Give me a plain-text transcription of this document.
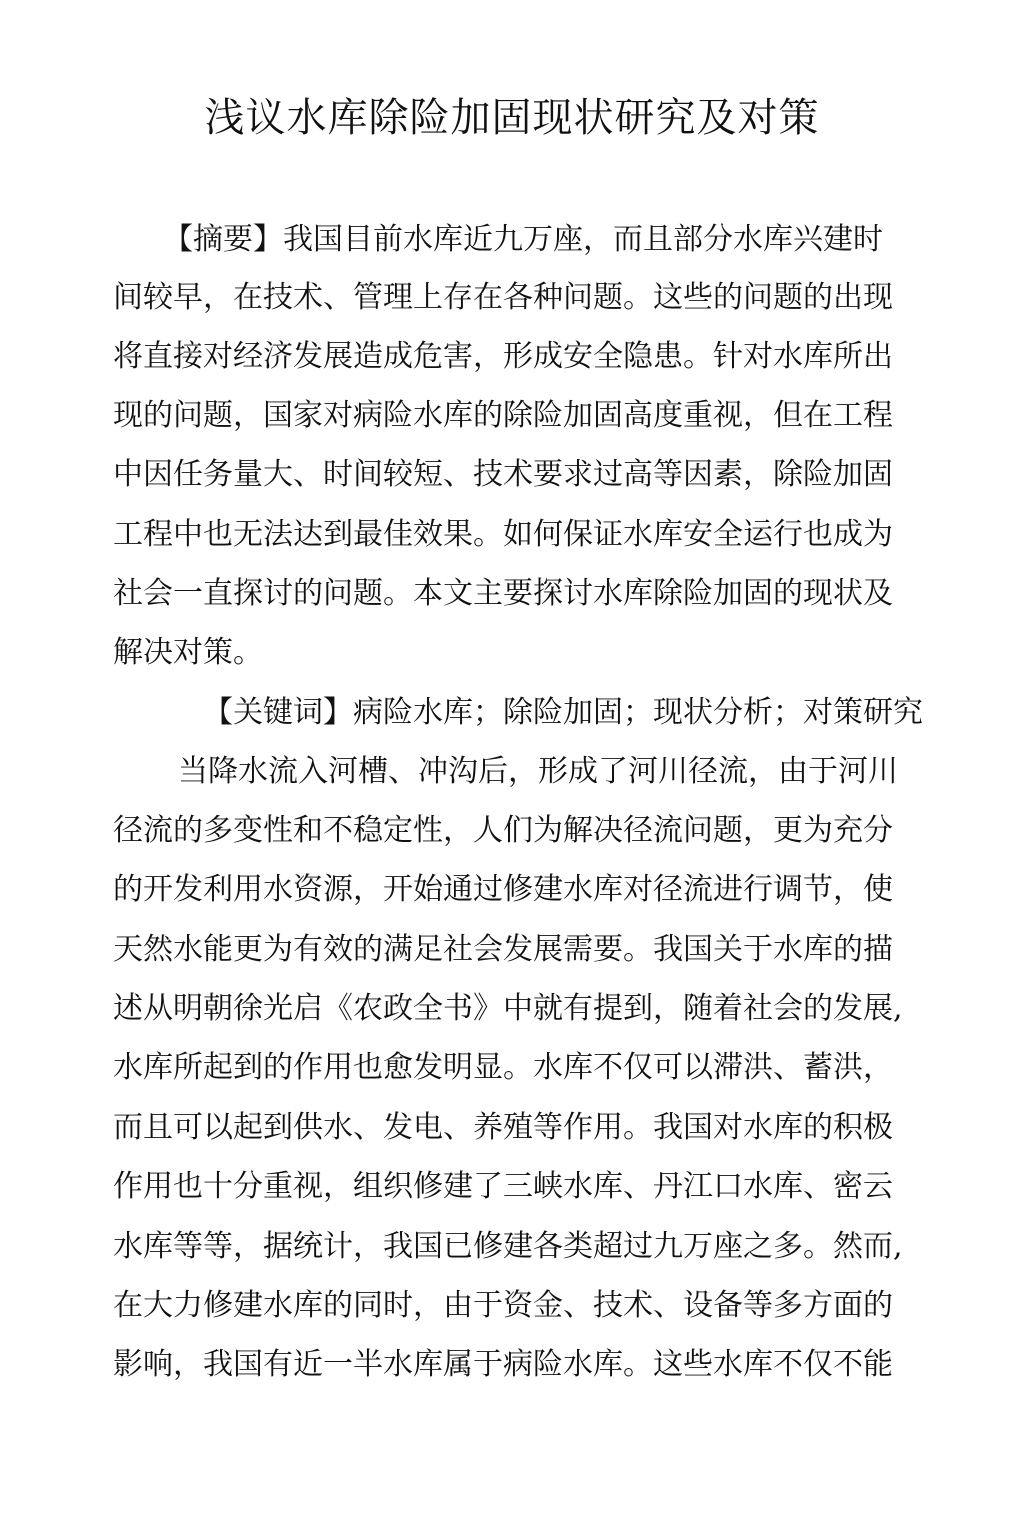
浅议水库除险加固现状研究及对策

【摘要】我国目前水库近九万座，而且部分水库兴建时

间较早，在技术、管理上存在各种问题。这些的问题的出现

将直接对经济发展造成危害，形成安全隐患。针对水库所出

现的问题，国家对病险水库的除险加固高度重视，但在工程

中因任务量大、时间较短、技术要求过高等因素，除险加固

工程中也无法达到最佳效果。如何保证水库安全运行也成为

社会一直探讨的问题。本文主要探讨水库除险加固的现状及

解决对策。

【关键词】病险水库；除险加固；现状分析；对策研究

当降水流入河槽、冲沟后，形成了河川径流，由于河川

径流的多变性和不稳定性，人们为解决径流问题，更为充分

的开发利用水资源，开始通过修建水库对径流进行调节，使

天然水能更为有效的满足社会发展需要。我国关于水库的描

述从明朝徐光启《农政全书》中就有提到，随着社会的发展,

水库所起到的作用也愈发明显。水库不仅可以滞洪、蓄洪，

而且可以起到供水、发电、养殖等作用。我国对水库的积极

作用也十分重视，组织修建了三峡水库、丹江口水库、密云

水库等等，据统计，我国已修建各类超过九万座之多。然而,

在大力修建水库的同时，由于资金、技术、设备等多方面的

影响，我国有近一半水库属于病险水库。这些水库不仅不能
